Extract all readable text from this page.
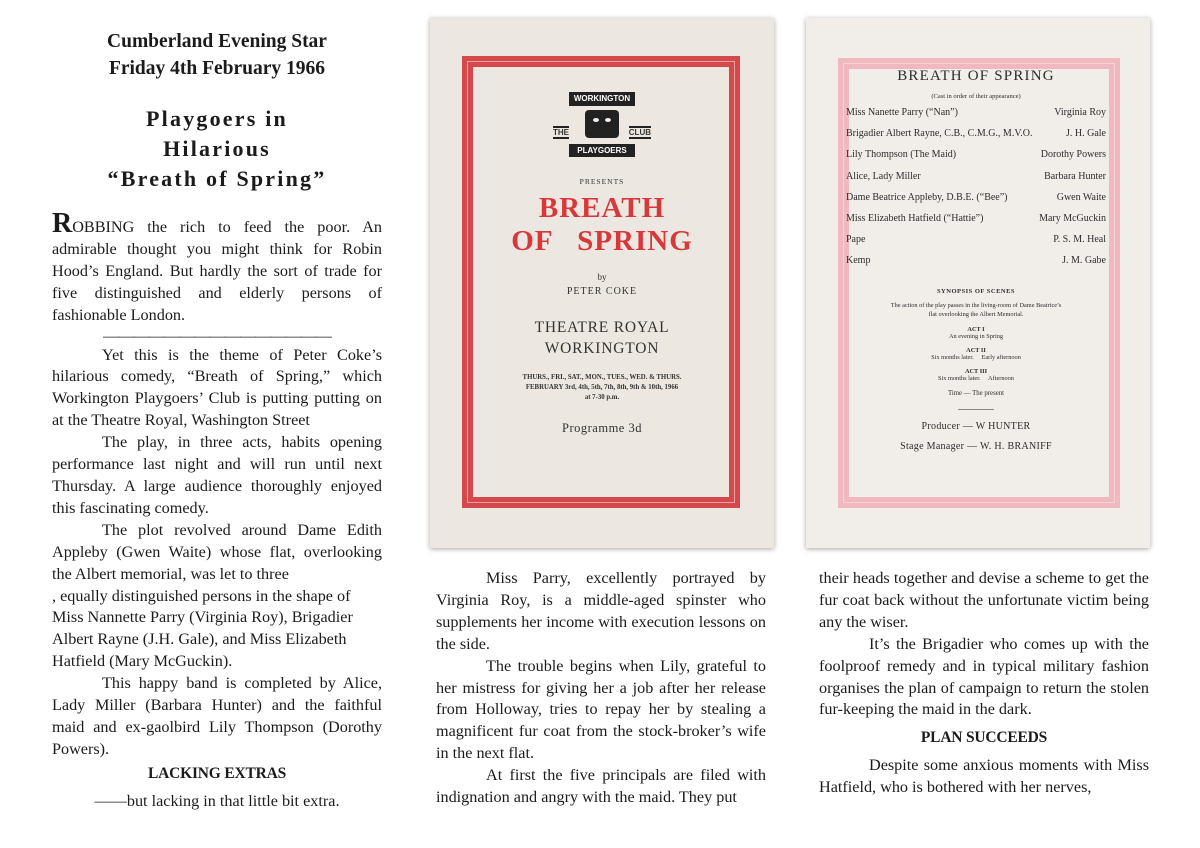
Cumberland Evening Star
Friday 4th February 1966
Playgoers in
Hilarious
“Breath of Spring”

ROBBING the rich to feed the poor. An admirable thought you might think for Robin Hood’s England. But hardly the sort of trade for five distinguished and elderly persons of fashionable London.

———————————————

Yet this is the theme of Peter Coke’s hilarious comedy, “Breath of Spring,” which Workington Playgoers’ Club is putting putting on at the Theatre Royal, Washington Street

The play, in three acts, habits opening performance last night and will run until next Thursday. A large audience thoroughly enjoyed this fascinating comedy.

The plot revolved around Dame Edith Appleby (Gwen Waite) whose flat, overlooking the Albert memorial, was let to three

, equally distinguished persons in the shape of Miss Nannette Parry (Virginia Roy), Brigadier Albert Rayne (J.H. Gale), and Miss Elizabeth Hatfield (Mary McGuckin).

This happy band is completed by Alice, Lady Miller (Barbara Hunter) and the faithful maid and ex-gaolbird Lily Thompson (Dorothy Powers).

LACKING EXTRAS
——but lacking in that little bit extra.
WORKINGTON
THE	CLUB
PLAYGOERS
PRESENTS
BREATH
OF   SPRING
by
PETER COKE
THEATRE ROYAL
WORKINGTON
THURS., FRI., SAT., MON., TUES., WED. & THURS.
FEBRUARY 3rd, 4th, 5th, 7th, 8th, 9th & 10th, 1966
at 7-30 p.m.
Programme 3d
BREATH OF SPRING
(Cast in order of their appearance)
Miss Nanette Parry (“Nan”)	Virginia Roy
Brigadier Albert Rayne, C.B., C.M.G., M.V.O.	J. H. Gale
Lily Thompson (The Maid)	Dorothy Powers
Alice, Lady Miller	Barbara Hunter
Dame Beatrice Appleby, D.B.E. (“Bee”)	Gwen Waite
Miss Elizabeth Hatfield (“Hattie”)	Mary McGuckin
Pape	P. S. M. Heal
Kemp	J. M. Gabe
SYNOPSIS OF SCENES
The action of the play passes in the living-room of Dame Beatrice’s
flat overlooking the Albert Memorial.
ACT I
An evening in Spring
ACT II
Six months later.     Early afternoon
ACT III
Six months later.     Afternoon
Time — The present
Producer — W HUNTER
Stage Manager — W. H. BRANIFF

Miss Parry, excellently portrayed by Virginia Roy, is a middle-aged spinster who supplements her income with execution lessons on the side.

The trouble begins when Lily, grateful to her mistress for giving her a job after her release from Holloway, tries to repay her by stealing a magnificent fur coat from the stock-broker’s wife in the next flat.

At first the five principals are filed with indignation and angry with the maid. They put

their heads together and devise a scheme to get the fur coat back without the unfortunate victim being any the wiser.

It’s the Brigadier who comes up with the foolproof remedy and in typical military fashion organises the plan of campaign to return the stolen fur-keeping the maid in the dark.

PLAN SUCCEEDS

Despite some anxious moments with Miss Hatfield, who is bothered with her nerves,
